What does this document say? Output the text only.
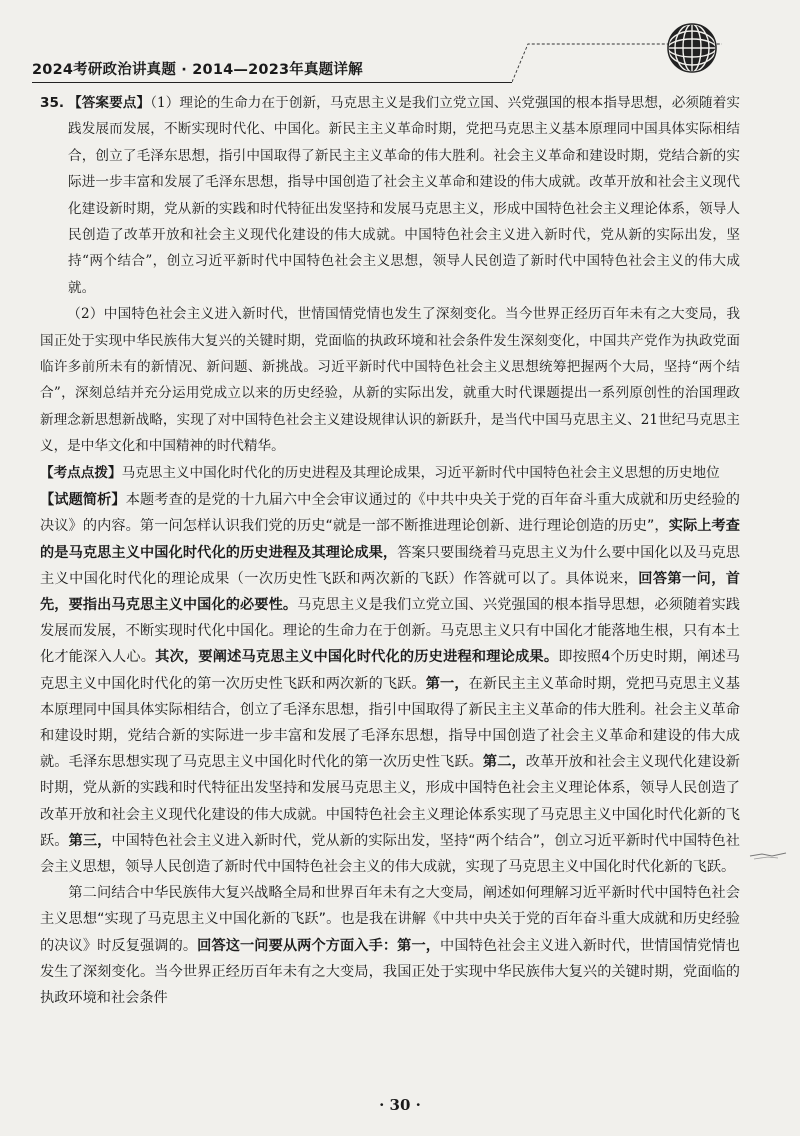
2024考研政治讲真题 · 2014—2023年真题详解
35. 【答案要点】（1）理论的生命力在于创新，马克思主义是我们立党立国、兴党强国的根本指导思想，必须随着实践发展而发展，不断实现时代化、中国化。新民主主义革命时期，党把马克思主义基本原理同中国具体实际相结合，创立了毛泽东思想，指引中国取得了新民主主义革命的伟大胜利。社会主义革命和建设时期，党结合新的实际进一步丰富和发展了毛泽东思想，指导中国创造了社会主义革命和建设的伟大成就。改革开放和社会主义现代化建设新时期，党从新的实践和时代特征出发坚持和发展马克思主义，形成中国特色社会主义理论体系，领导人民创造了改革开放和社会主义现代化建设的伟大成就。中国特色社会主义进入新时代，党从新的实际出发，坚持“两个结合”，创立习近平新时代中国特色社会主义思想，领导人民创造了新时代中国特色社会主义的伟大成就。
（2）中国特色社会主义进入新时代，世情国情党情也发生了深刻变化。当今世界正经历百年未有之大变局，我国正处于实现中华民族伟大复兴的关键时期，党面临的执政环境和社会条件发生深刻变化，中国共产党作为执政党面临许多前所未有的新情况、新问题、新挑战。习近平新时代中国特色社会主义思想统筹把握两个大局，坚持“两个结合”，深刻总结并充分运用党成立以来的历史经验，从新的实际出发，就重大时代课题提出一系列原创性的治国理政新理念新思想新战略，实现了对中国特色社会主义建设规律认识的新跃升，是当代中国马克思主义、21世纪马克思主义，是中华文化和中国精神的时代精华。
【考点点拨】马克思主义中国化时代化的历史进程及其理论成果，习近平新时代中国特色社会主义思想的历史地位
【试题简析】本题考查的是党的十九届六中全会审议通过的《中共中央关于党的百年奋斗重大成就和历史经验的决议》的内容。第一问怎样认识我们党的历史“就是一部不断推进理论创新、进行理论创造的历史”，实际上考查的是马克思主义中国化时代化的历史进程及其理论成果，答案只要围绕着马克思主义为什么要中国化以及马克思主义中国化时代化的理论成果（一次历史性飞跃和两次新的飞跃）作答就可以了。具体说来，回答第一问，首先，要指出马克思主义中国化的必要性。马克思主义是我们立党立国、兴党强国的根本指导思想，必须随着实践发展而发展，不断实现时代化中国化。理论的生命力在于创新。马克思主义只有中国化才能落地生根，只有本土化才能深入人心。其次，要阐述马克思主义中国化时代化的历史进程和理论成果。即按照4个历史时期，阐述马克思主义中国化时代化的第一次历史性飞跃和两次新的飞跃。第一，在新民主主义革命时期，党把马克思主义基本原理同中国具体实际相结合，创立了毛泽东思想，指引中国取得了新民主主义革命的伟大胜利。社会主义革命和建设时期，党结合新的实际进一步丰富和发展了毛泽东思想，指导中国创造了社会主义革命和建设的伟大成就。毛泽东思想实现了马克思主义中国化时代化的第一次历史性飞跃。第二，改革开放和社会主义现代化建设新时期，党从新的实践和时代特征出发坚持和发展马克思主义，形成中国特色社会主义理论体系，领导人民创造了改革开放和社会主义现代化建设的伟大成就。中国特色社会主义理论体系实现了马克思主义中国化时代化新的飞跃。第三，中国特色社会主义进入新时代，党从新的实际出发，坚持“两个结合”，创立习近平新时代中国特色社会主义思想，领导人民创造了新时代中国特色社会主义的伟大成就，实现了马克思主义中国化时代化新的飞跃。
第二问结合中华民族伟大复兴战略全局和世界百年未有之大变局，阐述如何理解习近平新时代中国特色社会主义思想“实现了马克思主义中国化新的飞跃”。也是我在讲解《中共中央关于党的百年奋斗重大成就和历史经验的决议》时反复强调的。回答这一问要从两个方面入手：第一，中国特色社会主义进入新时代，世情国情党情也发生了深刻变化。当今世界正经历百年未有之大变局，我国正处于实现中华民族伟大复兴的关键时期，党面临的执政环境和社会条件
· 30 ·
